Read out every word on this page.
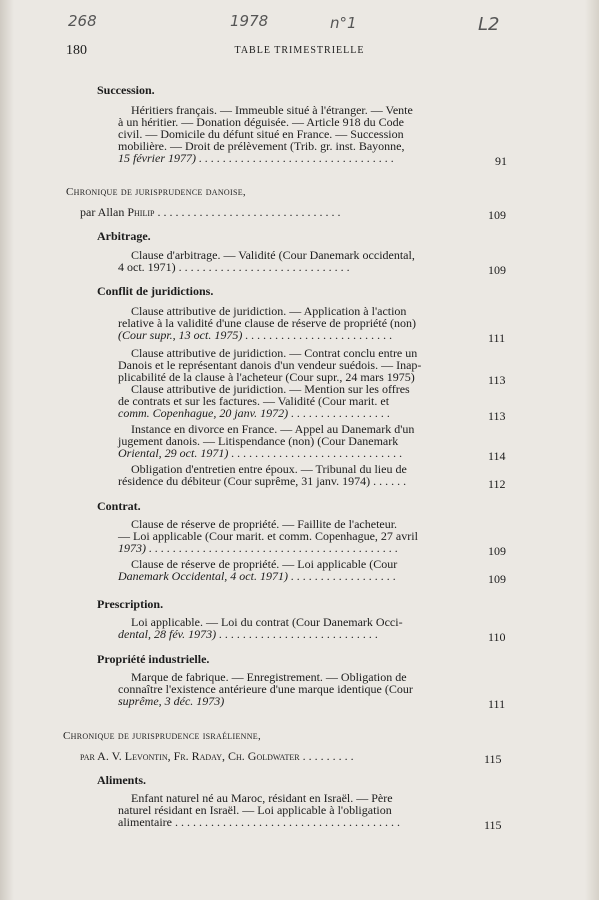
268	1978	n°1	L2
180	TABLE TRIMESTRIELLE
Succession.
Héritiers français. — Immeuble situé à l'étranger. — Vente
à un héritier. — Donation déguisée. — Article 918 du Code
civil. — Domicile du défunt situé en France. — Succession
mobilière. — Droit de prélèvement (Trib. gr. inst. Bayonne,
15 février 1977) .................................	91
Chronique de jurisprudence danoise,
par Allan Philip ...............................	109
Arbitrage.
Clause d'arbitrage. — Validité (Cour Danemark occidental,
4 oct. 1971) .............................	109
Conflit de juridictions.
Clause attributive de juridiction. — Application à l'action
relative à la validité d'une clause de réserve de propriété (non)
(Cour supr., 13 oct. 1975) .........................	111
Clause attributive de juridiction. — Contrat conclu entre un
Danois et le représentant danois d'un vendeur suédois. — Inap-
plicabilité de la clause à l'acheteur (Cour supr., 24 mars 1975)	113
Clause attributive de juridiction. — Mention sur les offres
de contrats et sur les factures. — Validité (Cour marit. et
comm. Copenhague, 20 janv. 1972) .................	113
Instance en divorce en France. — Appel au Danemark d'un
jugement danois. — Litispendance (non) (Cour Danemark
Oriental, 29 oct. 1971) .............................	114
Obligation d'entretien entre époux. — Tribunal du lieu de
résidence du débiteur (Cour suprême, 31 janv. 1974) ......	112
Contrat.
Clause de réserve de propriété. — Faillite de l'acheteur.
— Loi applicable (Cour marit. et comm. Copenhague, 27 avril
1973) ..........................................	109
Clause de réserve de propriété. — Loi applicable (Cour
Danemark Occidental, 4 oct. 1971) ..................	109
Prescription.
Loi applicable. — Loi du contrat (Cour Danemark Occi-
dental, 28 fév. 1973) ...........................	110
Propriété industrielle.
Marque de fabrique. — Enregistrement. — Obligation de
connaître l'existence antérieure d'une marque identique (Cour
suprême, 3 déc. 1973)	111
Chronique de jurisprudence israélienne,
par A. V. Levontin, Fr. Raday, Ch. Goldwater .........	115
Aliments.
Enfant naturel né au Maroc, résidant en Israël. — Père
naturel résidant en Israël. — Loi applicable à l'obligation
alimentaire ......................................	115
